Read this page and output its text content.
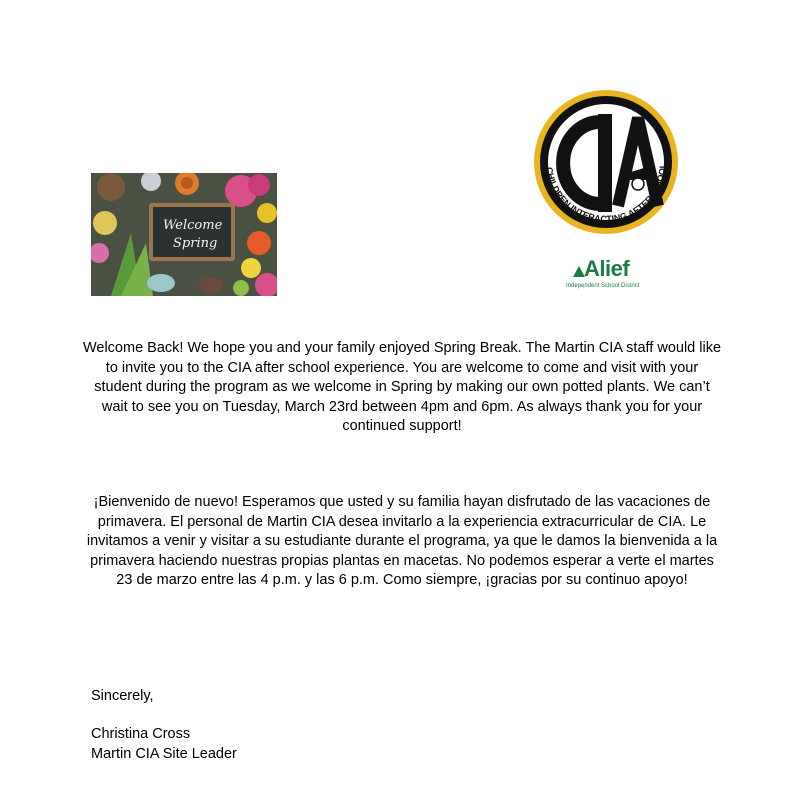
Welcome
Spring
CHILDREN INTERACTING AFTERSCHOOL
Alief
Independent School District
Welcome Back! We hope you and your family enjoyed Spring Break. The Martin CIA staff would like to invite you to the CIA after school experience. You are welcome to come and visit with your student during the program as we welcome in Spring by making our own potted plants. We can’t wait to see you on Tuesday, March 23rd between 4pm and 6pm. As always thank you for your continued support!
¡Bienvenido de nuevo! Esperamos que usted y su familia hayan disfrutado de las vacaciones de primavera. El personal de Martin CIA desea invitarlo a la experiencia extracurricular de CIA. Le invitamos a venir y visitar a su estudiante durante el programa, ya que le damos la bienvenida a la primavera haciendo nuestras propias plantas en macetas. No podemos esperar a verte el martes 23 de marzo entre las 4 p.m. y las 6 p.m. Como siempre, ¡gracias por su continuo apoyo!
Sincerely,
Christina Cross
Martin CIA Site Leader
